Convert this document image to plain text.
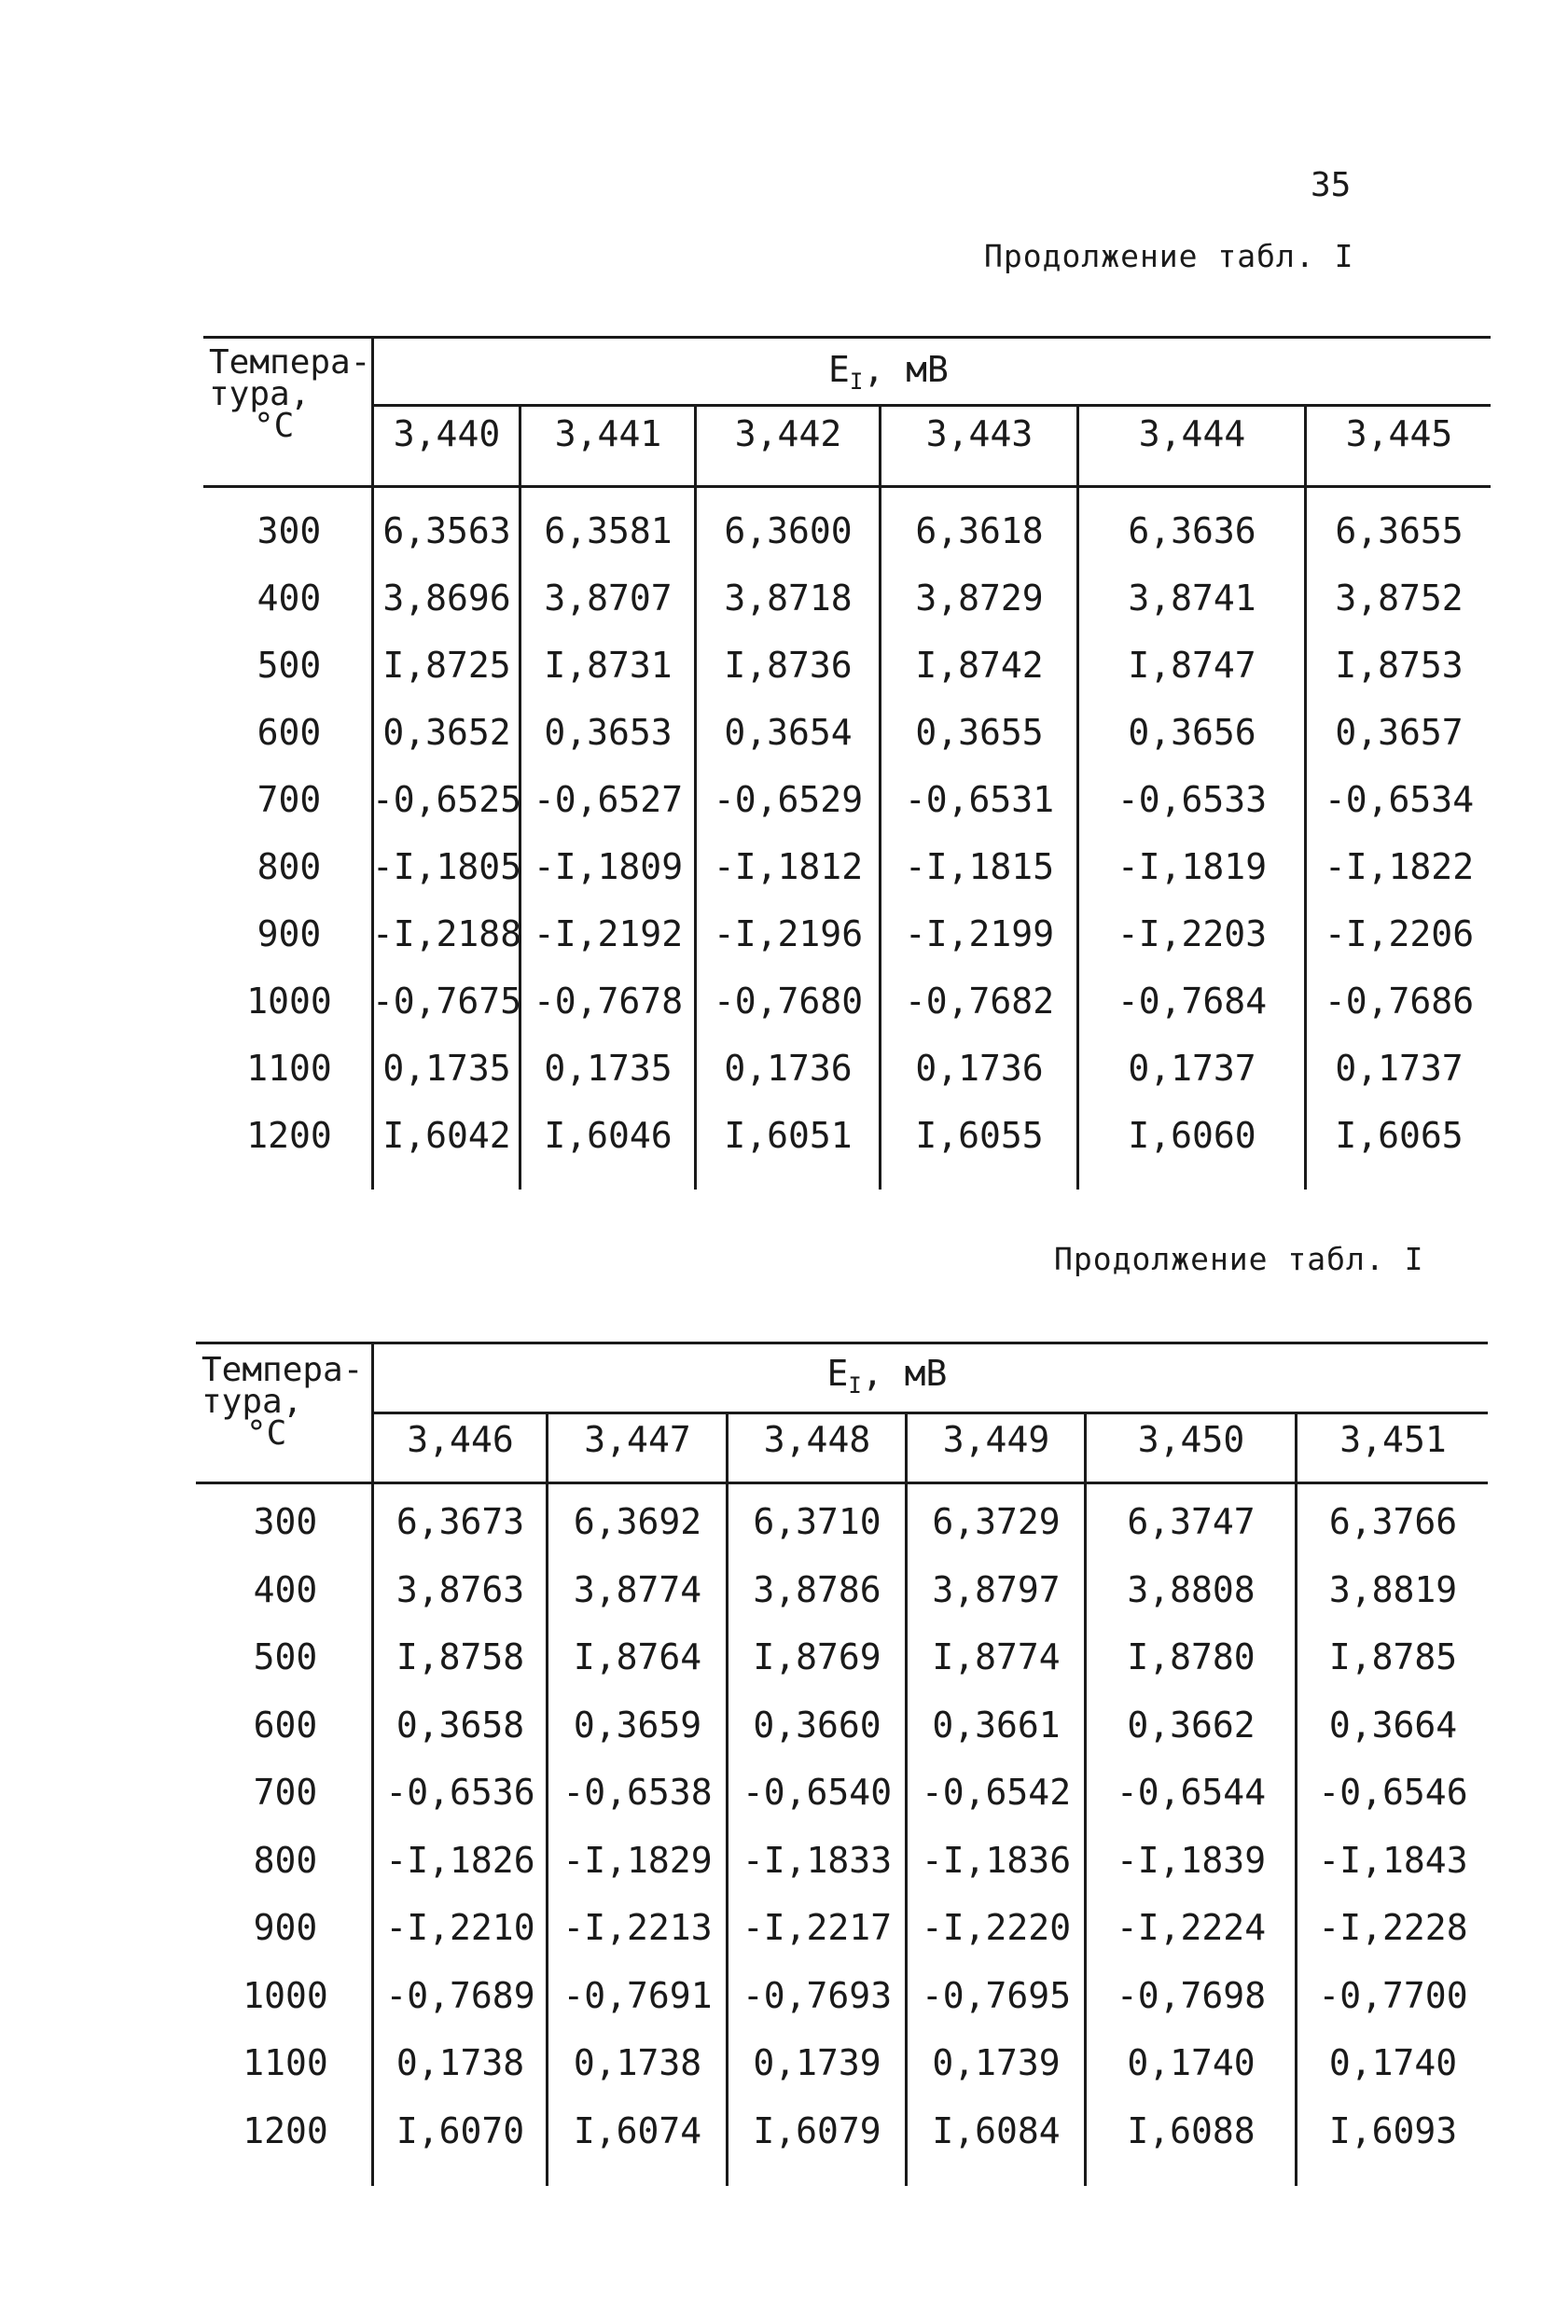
35
Продолжение табл. I
Темпера-
тура,
°C
$E_I$, мВ
3,440 3,441 3,442 3,443	3,444	3,445
300 6,3563 6,3581 6,3600 6,3618 6,3636 6,3655
400 3,8696 3,8707 3,8718 3,8729 3,8741 3,8752
500 I,8725 I,8731 I,8736 I,8742 I,8747 I,8753
600 0,3652 0,3653 0,3654 0,3655 0,3656 0,3657
700 -0,6525 -0,6527 -0,6529 -0,6531 -0,6533 -0,6534
800 -I,1805 -I,1809 -I,1812 -I,1815 -I,1819 -I,1822
900 -I,2188 -I,2192 -I,2196 -I,2199 -I,2203 -I,2206
1000 -0,7675 -0,7678 -0,7680 -0,7682 -0,7684 -0,7686
1100 0,1735 0,1735 0,1736 0,1736 0,1737 0,1737
1200 I,6042 I,6046 I,6051 I,6055 I,6060 I,6065
Продолжение табл. I
Темпера-
тура,
°C
$E_I$, мВ
3,446 3,447 3,448 3,449 3,450	3,451
300 6,3673 6,3692 6,3710 6,3729 6,3747 6,3766
400 3,8763 3,8774 3,8786 3,8797 3,8808 3,8819
500 I,8758 I,8764 I,8769 I,8774 I,8780 I,8785
600 0,3658 0,3659 0,3660 0,3661 0,3662 0,3664
700 -0,6536 -0,6538 -0,6540 -0,6542 -0,6544 -0,6546
800 -I,1826 -I,1829 -I,1833 -I,1836 -I,1839 -I,1843
900 -I,2210 -I,2213 -I,2217 -I,2220 -I,2224 -I,2228
1000 -0,7689 -0,7691 -0,7693 -0,7695 -0,7698 -0,7700
1100 0,1738 0,1738 0,1739 0,1739 0,1740 0,1740
1200 I,6070 I,6074 I,6079 I,6084 I,6088 I,6093
